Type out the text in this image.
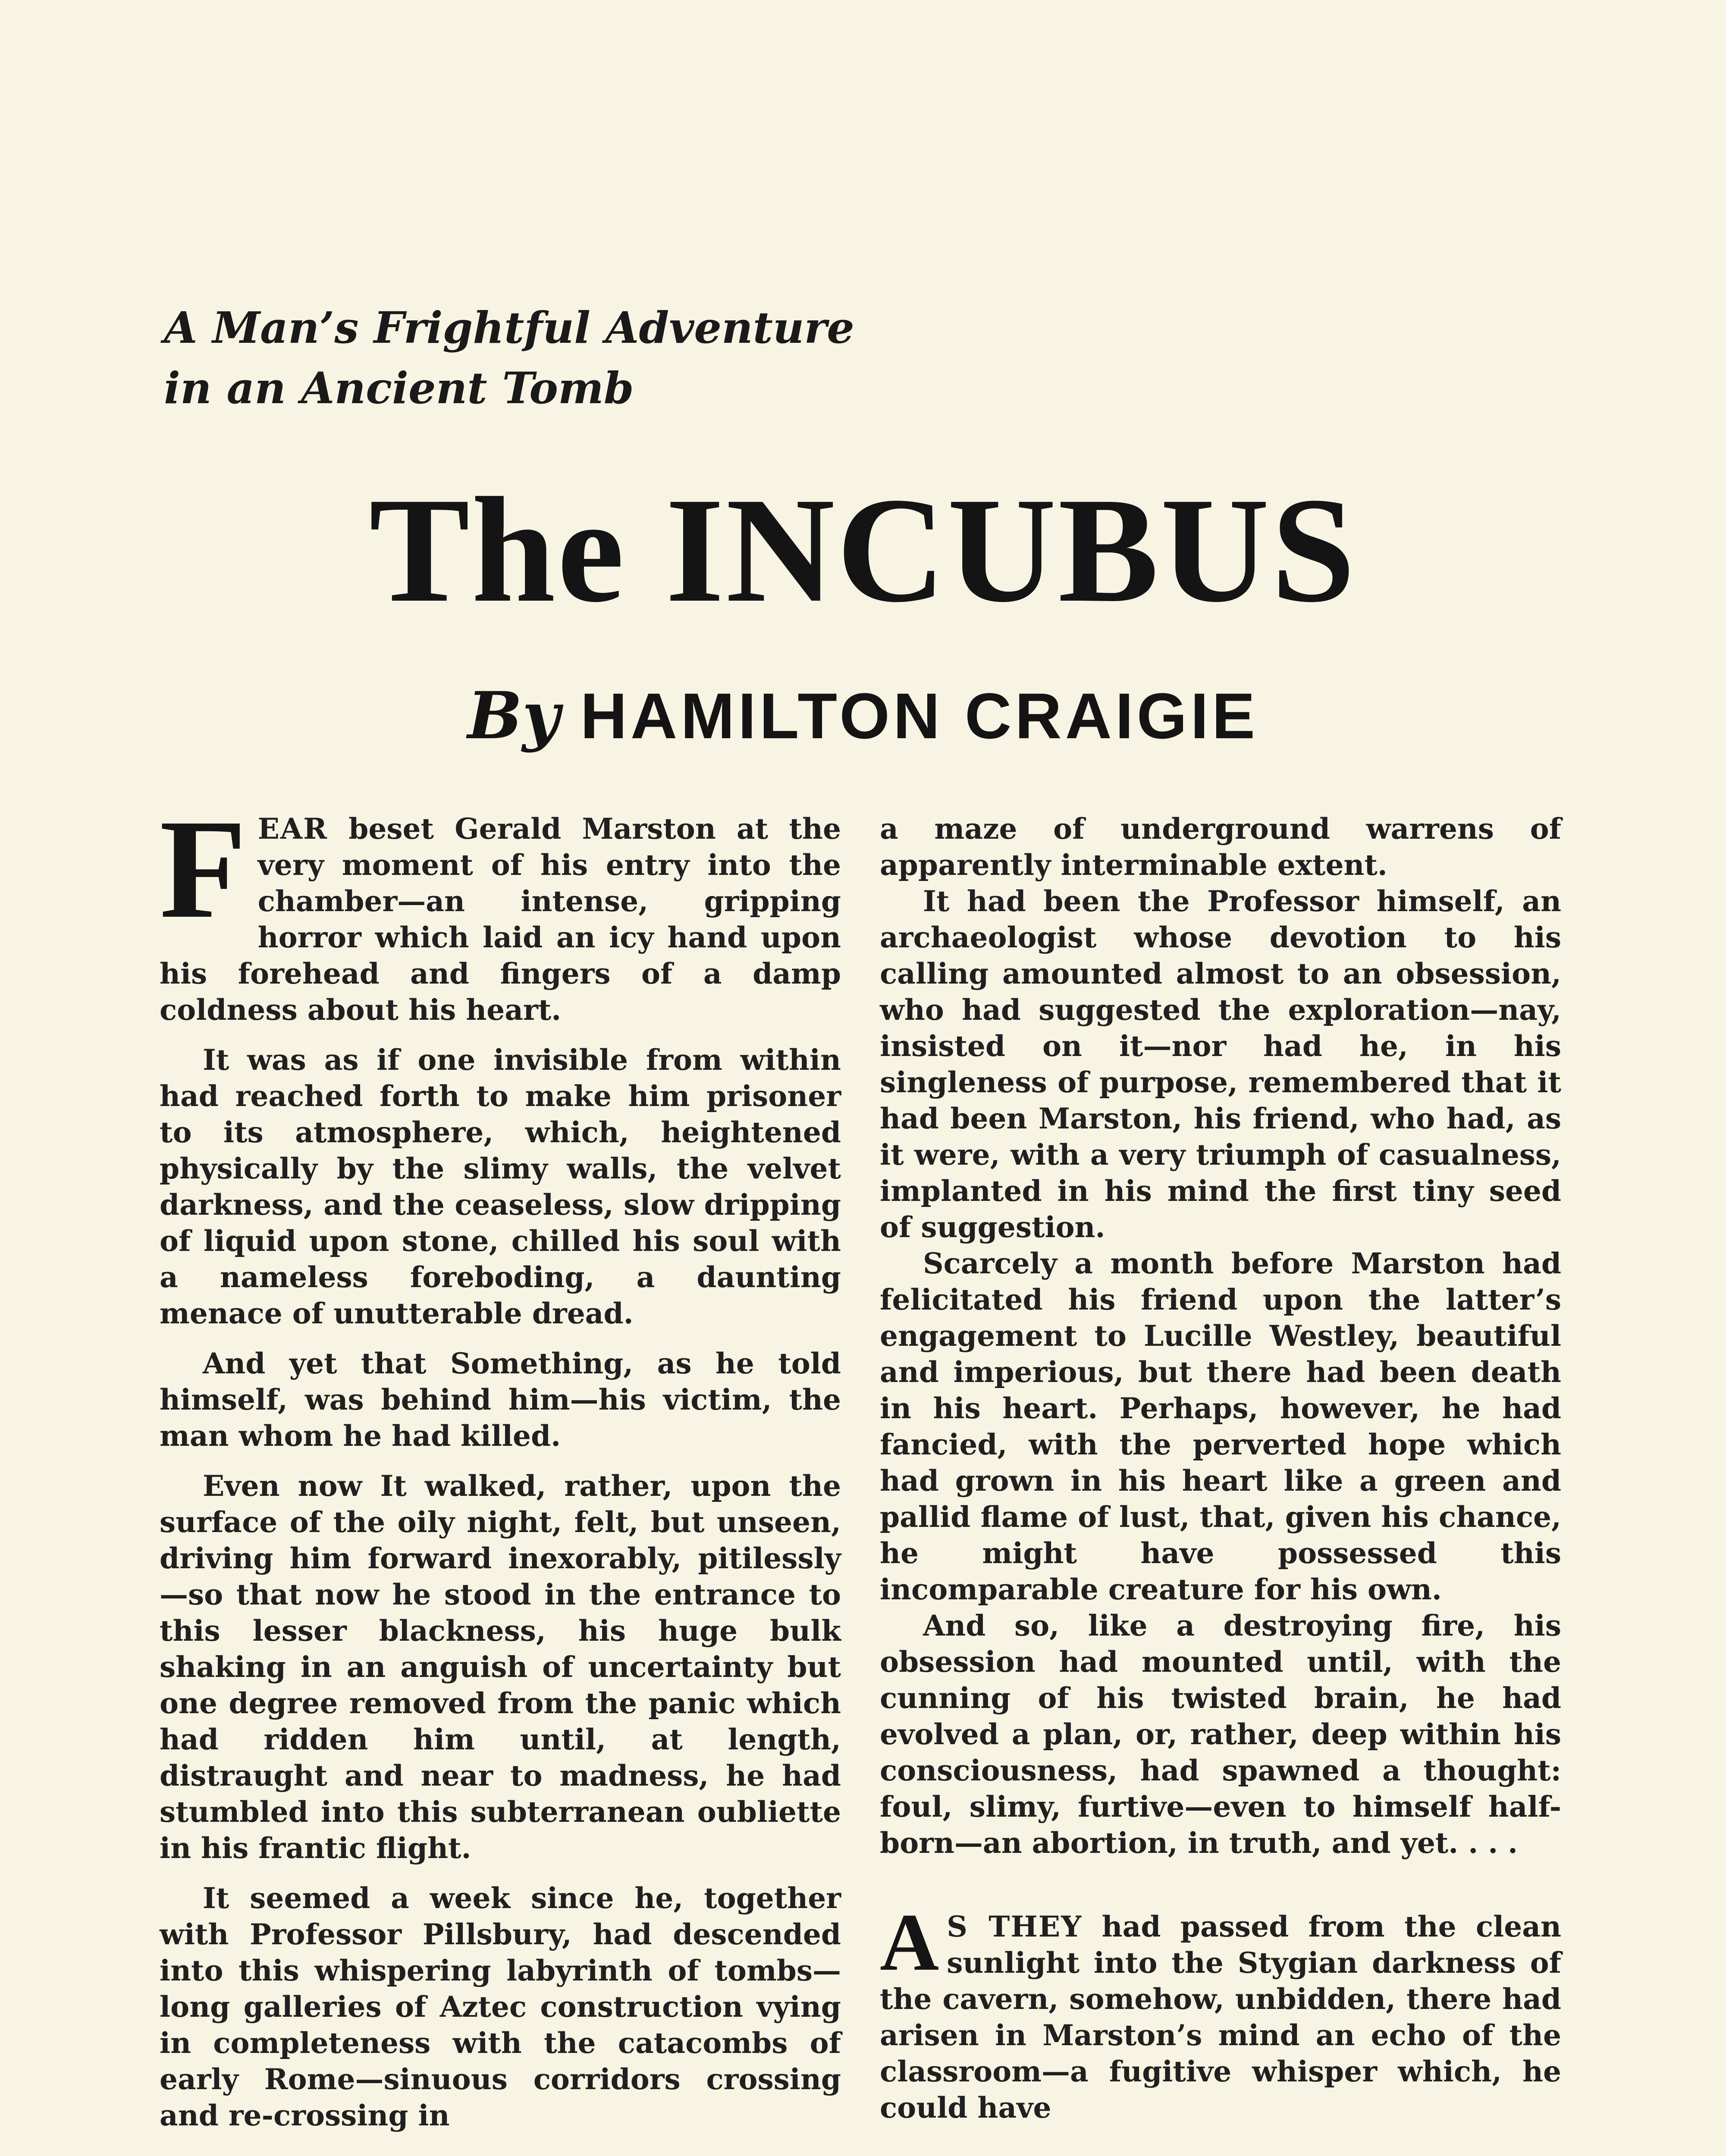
A Man’s Frightful Adventure
in an Ancient Tomb
The INCUBUS
By HAMILTON CRAIGIE

FEAR beset Gerald Marston at the very moment of his entry into the chamber—an intense, gripping horror which laid an icy hand upon his forehead and fingers of a damp coldness about his heart.

It was as if one invisible from within had reached forth to make him prisoner to its atmosphere, which, heightened physically by the slimy walls, the velvet darkness, and the ceaseless, slow dripping of liquid upon stone, chilled his soul with a nameless foreboding, a daunting menace of unutterable dread.

And yet that Something, as he told himself, was behind him—his victim, the man whom he had killed.

Even now It walked, rather, upon the surface of the oily night, felt, but unseen, driving him forward inexorably, pitilessly—so that now he stood in the entrance to this lesser blackness, his huge bulk shaking in an anguish of uncertainty but one degree removed from the panic which had ridden him until, at length, distraught and near to madness, he had stumbled into this subterranean oubliette in his frantic flight.

It seemed a week since he, together with Professor Pillsbury, had descended into this whispering labyrinth of tombs—long galleries of Aztec construction vying in completeness with the catacombs of early Rome—sinuous corridors crossing and re-crossing in

a maze of underground warrens of apparently interminable extent.

It had been the Professor himself, an archaeologist whose devotion to his calling amounted almost to an obsession, who had suggested the exploration—nay, insisted on it—nor had he, in his singleness of purpose, remembered that it had been Marston, his friend, who had, as it were, with a very triumph of casualness, implanted in his mind the first tiny seed of suggestion.

Scarcely a month before Marston had felicitated his friend upon the latter’s engagement to Lucille Westley, beautiful and imperious, but there had been death in his heart. Perhaps, however, he had fancied, with the perverted hope which had grown in his heart like a green and pallid flame of lust, that, given his chance, he might have possessed this incomparable creature for his own.

And so, like a destroying fire, his obsession had mounted until, with the cunning of his twisted brain, he had evolved a plan, or, rather, deep within his consciousness, had spawned a thought: foul, slimy, furtive—even to himself half-born—an abortion, in truth, and yet. . . .

A S THEY had passed from the clean sunlight into the Stygian darkness of the cavern, somehow, unbidden, there had arisen in Marston’s mind an echo of the classroom—a fugitive whisper which, he could have
